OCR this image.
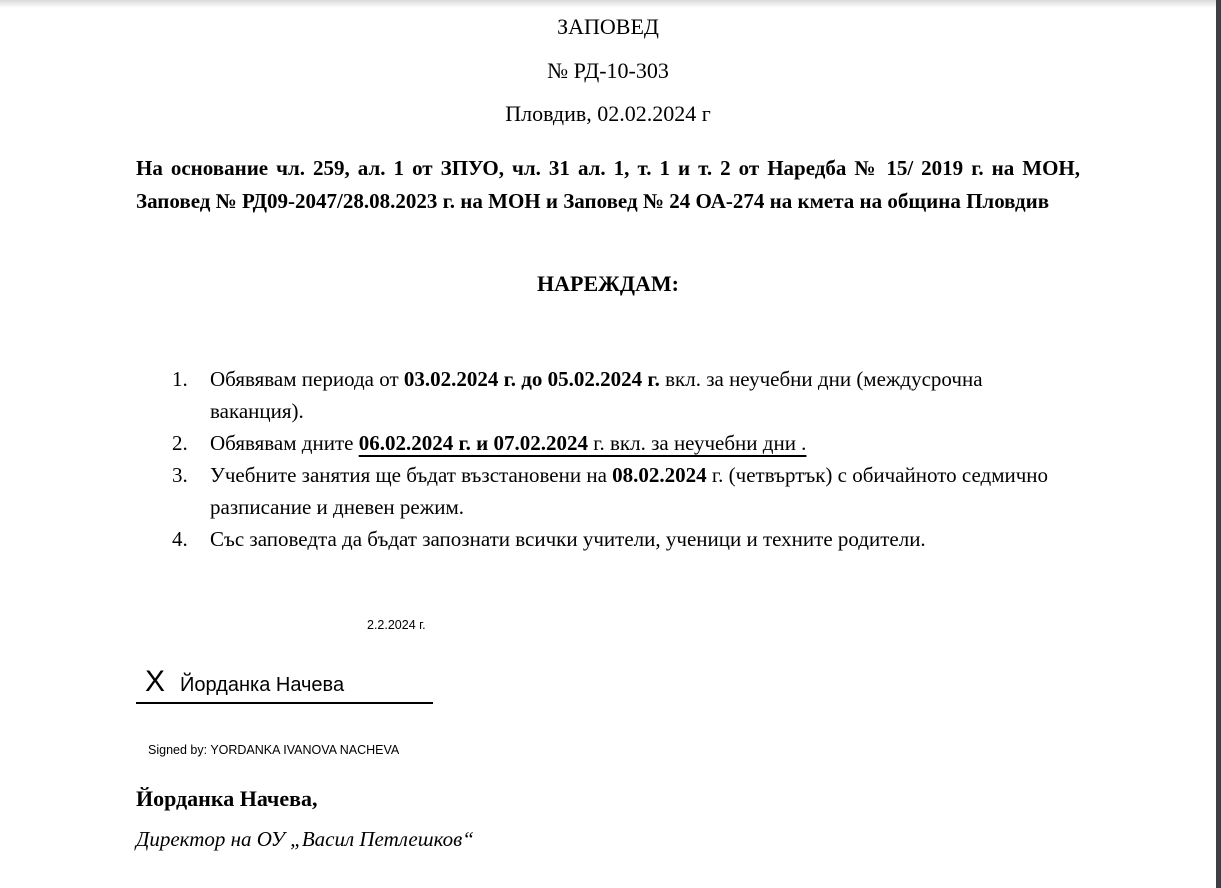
ЗАПОВЕД

№ РД-10-303

Пловдив, 02.02.2024 г

На основание чл. 259, ал. 1 от ЗПУО, чл. 31 ал. 1, т. 1 и т. 2 от Наредба № 15/ 2019 г. на МОН, Заповед № РД09-2047/28.08.2023 г. на МОН и Заповед № 24 ОА-274 на кмета на община Пловдив
НАРЕЖДАМ:
1.	Обявявам периода от 03.02.2024 г. до 05.02.2024 г. вкл. за неучебни дни (междусрочна ваканция).
2.	Обявявам дните 06.02.2024 г. и 07.02.2024 г. вкл. за неучебни дни .
3.	Учебните занятия ще бъдат възстановени на 08.02.2024 г. (четвъртък) с обичайното седмично разписание и дневен режим.
4.	Със заповедта да бъдат запознати всички учители, ученици и техните родители.
2.2.2024 г.
X Йорданка Начева
Signed by: YORDANKA IVANOVA NACHEVA
Йорданка Начева,
Директор на ОУ „Васил Петлешков“
